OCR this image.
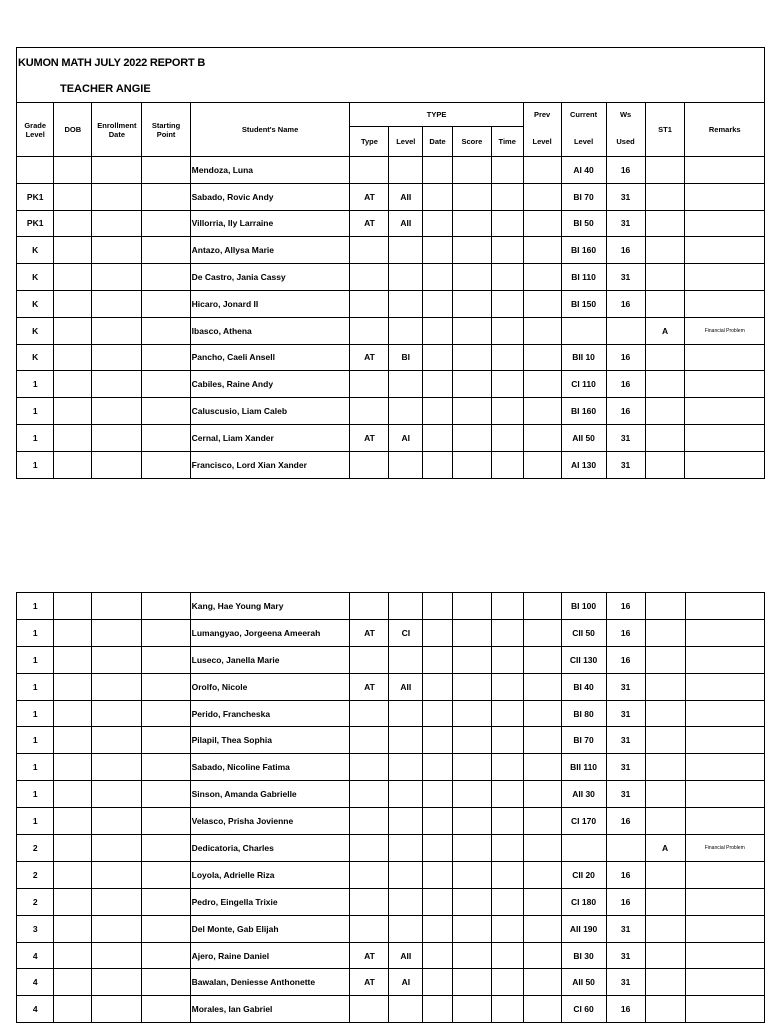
KUMON MATH JULY 2022 REPORT B
TEACHER ANGIE
Grade Level	DOB	Enrollment Date	Starting Point	Student's Name	TYPE					Prev	Current	Ws	ST1	Remarks
					Type	Level	Date	Score	Time	Level	Level	Used		
				Mendoza, Luna							AI 40	16		
PK1				Sabado, Rovic Andy	AT	AII					BI 70	31		
PK1				Villorria, Ily Larraine	AT	AII					BI 50	31		
K				Antazo, Allysa Marie							BI 160	16		
K				De Castro, Jania Cassy							BI 110	31		
K				Hicaro, Jonard II							BI 150	16		
K				Ibasco, Athena									A	Financial Problem
K				Pancho, Caeli Ansell	AT	BI					BII 10	16		
1				Cabiles, Raine Andy							CI 110	16		
1				Caluscusio, Liam Caleb							BI 160	16		
1				Cernal, Liam Xander	AT	AI					AII 50	31		
1				Francisco, Lord Xian Xander							AI 130	31		
1				Kang, Hae Young Mary							BI 100	16		
1				Lumangyao, Jorgeena Ameerah	AT	CI					CII 50	16		
1				Luseco, Janella Marie							CII 130	16		
1				Orolfo, Nicole	AT	AII					BI 40	31		
1				Perido, Francheska							BI 80	31		
1				Pilapil, Thea Sophia							BI 70	31		
1				Sabado, Nicoline Fatima							BII 110	31		
1				Sinson, Amanda Gabrielle							AII 30	31		
1				Velasco, Prisha Jovienne							CI 170	16		
2				Dedicatoria, Charles									A	Financial Problem
2				Loyola, Adrielle Riza							CII 20	16		
2				Pedro, Eingella Trixie							CI 180	16		
3				Del Monte, Gab Elijah							AII 190	31		
4				Ajero, Raine Daniel	AT	AII					BI 30	31		
4				Bawalan, Deniesse Anthonette	AT	AI					AII 50	31		
4				Morales, Ian Gabriel							CI 60	16		
